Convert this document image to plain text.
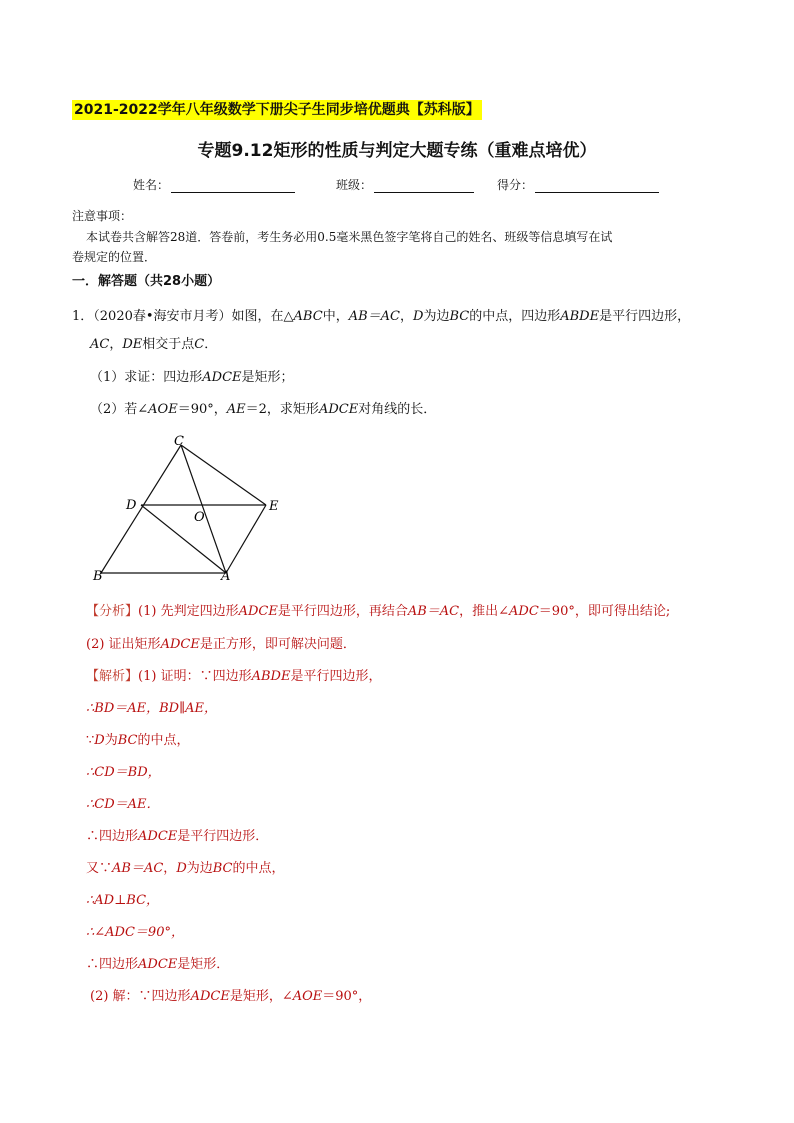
2021-2022学年八年级数学下册尖子生同步培优题典【苏科版】
专题9.12矩形的性质与判定大题专练（重难点培优）
姓名：	班级：	得分：
注意事项：
本试卷共含解答28道．答卷前，考生务必用0.5毫米黑色签字笔将自己的姓名、班级等信息填写在试
卷规定的位置．
一．解答题（共28小题）
1．（2020春•海安市月考）如图，在△ABC中，AB＝AC，D为边BC的中点，四边形ABDE是平行四边形，
AC，DE相交于点C．
（1）求证：四边形ADCE是矩形；
（2）若∠AOE＝90°，AE＝2，求矩形ADCE对角线的长．
C
D
O
E
B	A
【分析】(1) 先判定四边形ADCE是平行四边形，再结合AB＝AC，推出∠ADC＝90°，即可得出结论;
(2) 证出矩形ADCE是正方形，即可解决问题．
【解析】(1) 证明：∵四边形ABDE是平行四边形，
∴BD＝AE，BD∥AE，
∵D为BC的中点，
∴CD＝BD，
∴CD＝AE．
∴四边形ADCE是平行四边形．
又∵AB＝AC，D为边BC的中点，
∴AD⊥BC，
∴∠ADC＝90°，
∴四边形ADCE是矩形．
(2) 解：∵四边形ADCE是矩形，∠AOE＝90°，
